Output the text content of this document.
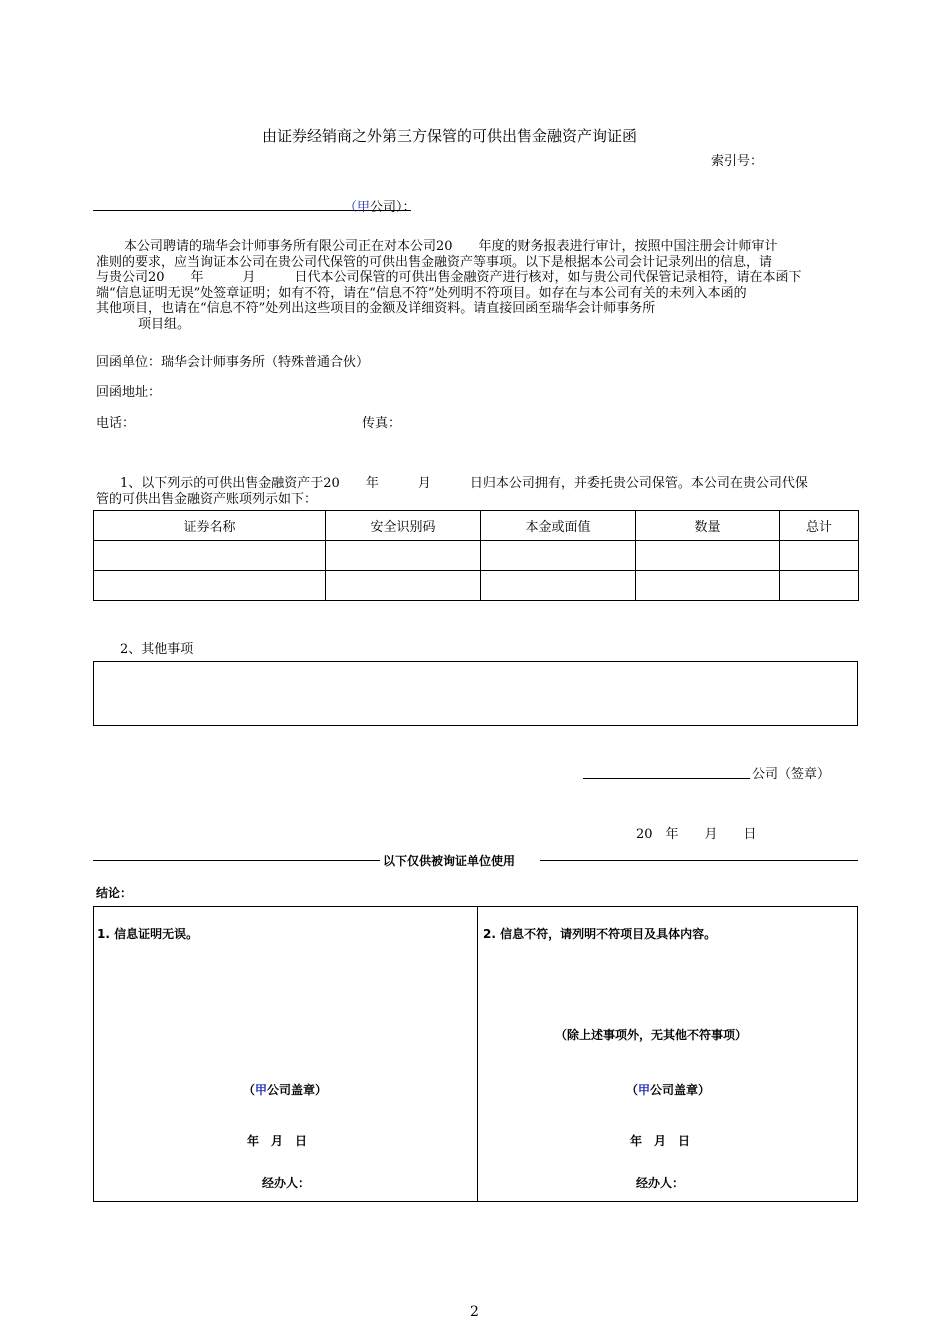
由证券经销商之外第三方保管的可供出售金融资产询证函
索引号：
（甲公司）：
本公司聘请的瑞华会计师事务所有限公司正在对本公司20　　年度的财务报表进行审计，按照中国注册会计师审计
准则的要求，应当询证本公司在贵公司代保管的可供出售金融资产等事项。以下是根据本公司会计记录列出的信息，请
与贵公司20　　年　　　月　　　日代本公司保管的可供出售金融资产进行核对，如与贵公司代保管记录相符，请在本函下
端“信息证明无误”处签章证明；如有不符，请在“信息不符”处列明不符项目。如存在与本公司有关的未列入本函的
其他项目，也请在“信息不符”处列出这些项目的金额及详细资料。请直接回函至瑞华会计师事务所
项目组。
回函单位：瑞华会计师事务所（特殊普通合伙）
回函地址：
电话：	传真：
1、以下列示的可供出售金融资产于20　　年　　　月　　　日归本公司拥有，并委托贵公司保管。本公司在贵公司代保
管的可供出售金融资产账项列示如下：
证券名称	安全识别码	本金或面值	数量	总计

2、其他事项
公司（签章）
20　年　　月　　日
以下仅供被询证单位使用
结论：
1. 信息证明无误。
（甲公司盖章）
年　月　日
经办人：
2. 信息不符，请列明不符项目及具体内容。
（除上述事项外，无其他不符事项）
（甲公司盖章）
年　月　日
经办人：
2
